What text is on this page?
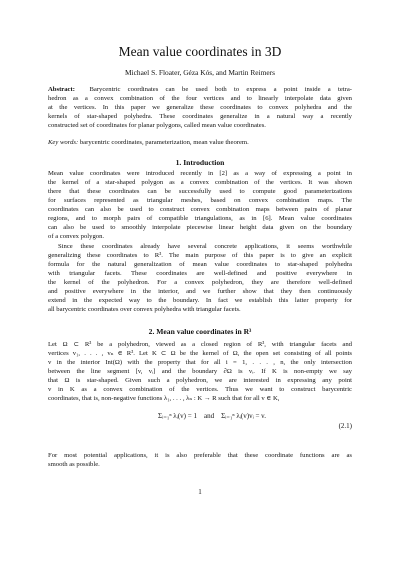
Mean value coordinates in 3D
Michael S. Floater, Géza Kós, and Martin Reimers
Abstract: Barycentric coordinates can be used both to express a point inside a tetra-
hedron as a convex combination of the four vertices and to linearly interpolate data given
at the vertices. In this paper we generalize these coordinates to convex polyhedra and the
kernels of star-shaped polyhedra. These coordinates generalize in a natural way a recently
constructed set of coordinates for planar polygons, called mean value coordinates.
Key words: barycentric coordinates, parameterization, mean value theorem.
1. Introduction
Mean value coordinates were introduced recently in [2] as a way of expressing a point in
the kernel of a star-shaped polygon as a convex combination of the vertices. It was shown
there that these coordinates can be successfully used to compute good parameterizations
for surfaces represented as triangular meshes, based on convex combination maps. The
coordinates can also be used to construct convex combination maps between pairs of planar
regions, and to morph pairs of compatible triangulations, as in [6]. Mean value coordinates
can also be used to smoothly interpolate piecewise linear height data given on the boundary
of a convex polygon.
Since these coordinates already have several concrete applications, it seems worthwhile
generalizing these coordinates to R³. The main purpose of this paper is to give an explicit
formula for the natural generalization of mean value coordinates to star-shaped polyhedra
with triangular facets. These coordinates are well-defined and positive everywhere in
the kernel of the polyhedron. For a convex polyhedron, they are therefore well-defined
and positive everywhere in the interior, and we further show that they then continuously
extend in the expected way to the boundary. In fact we establish this latter property for
all barycentric coordinates over convex polyhedra with triangular facets.
2. Mean value coordinates in R³
Let Ω ⊂ R³ be a polyhedron, viewed as a closed region of R³, with triangular facets and
vertices v₁, . . . , vₙ ∈ R³. Let K ⊂ Ω be the kernel of Ω, the open set consisting of all points
v in the interior Int(Ω) with the property that for all i = 1, . . . , n, the only intersection
between the line segment [v, vᵢ] and the boundary ∂Ω is vᵢ. If K is non-empty we say
that Ω is star-shaped. Given such a polyhedron, we are interested in expressing any point
v in K as a convex combination of the vertices. Thus we want to construct barycentric
coordinates, that is, non-negative functions λ₁, . . . , λₙ : K → R such that for all v ∈ K,
Σᵢ₌₁ⁿ λᵢ(v) = 1 and Σᵢ₌₁ⁿ λᵢ(v)vᵢ = v.
(2.1)
For most potential applications, it is also preferable that these coordinate functions are as
smooth as possible.
1
